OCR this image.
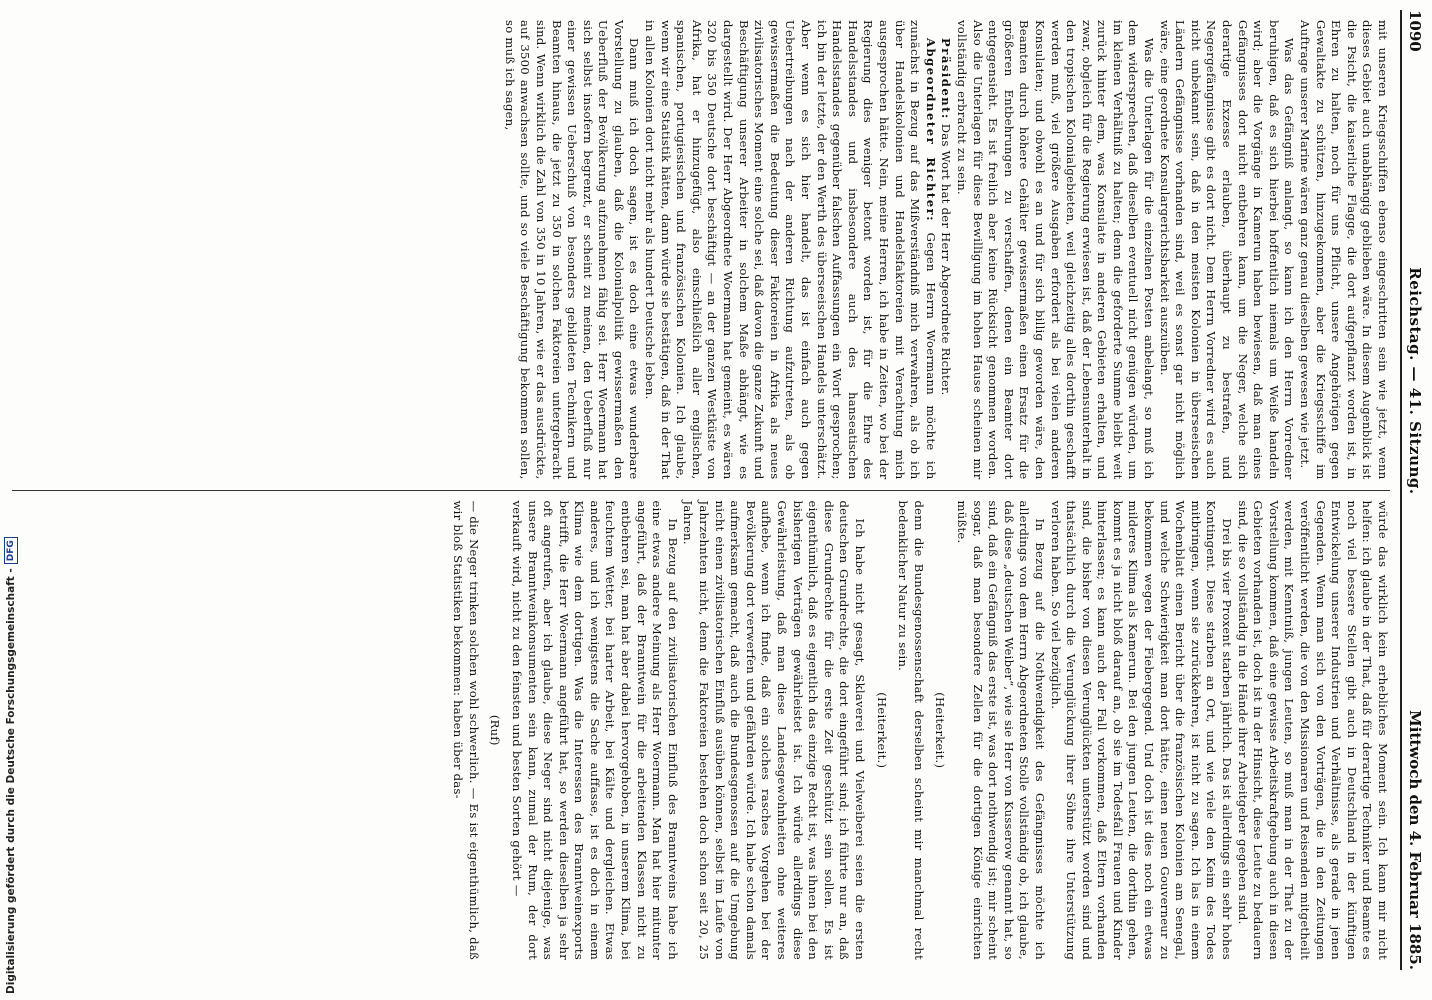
1090
Reichstag. — 41. Sitzung.
Mittwoch den 4. Februar 1885.

mit unseren Kriegsschiffen ebenso eingeschritten sein wie jetzt, wenn dieses Gebiet auch unabhängig geblieben wäre. In diesem Augenblick ist die Psicht, die kaiserliche Flagge, die dort aufgepflanzt worden ist, in Ehren zu halten, noch für uns Pflicht, unsere Angehörigen gegen Gewaltakte zu schützen, hinzugekommen, aber die Kriegsschiffe im Auftrage unserer Marine wären ganz genau dieselben gewesen wie jetzt.

Was das Gefängniß anlangt, so kann ich den Herrn Vorredner beruhigen, daß es sich hierbei hoffentlich niemals um Weiße handeln wird; aber die Vorgänge in Kamerun haben bewiesen, daß man eines Gefängnisses dort nicht entbehren kann, um die Neger, welche sich derartige Exzesse erlauben, überhaupt zu bestrafen, und Negergefängnisse gibt es dort nicht. Dem Herrn Vorredner wird es auch nicht unbekannt sein, daß in den meisten Kolonien in überseeischen Ländern Gefängnisse vorhanden sind, weil es sonst gar nicht möglich wäre, eine geordnete Konsulargerichtsbarkeit auszuüben.

Was die Unterlagen für die einzelnen Posten anbelangt, so muß ich dem widersprechen, daß dieselben eventuell nicht genügen würden, um im kleinen Verhältniß zu halten; denn die geforderte Summe bleibt weit zurück hinter dem, was Konsulate in anderen Gebieten erhalten, und zwar, obgleich für die Regierung erwiesen ist, daß der Lebensunterhalt in den tropischen Kolonialgebieten, weil gleichzeitig alles dorthin geschafft werden muß, viel größere Ausgaben erfordert als bei vielen anderen Konsulaten; und obwohl es an und für sich billig geworden wäre, den Beamten durch höhere Gehälter gewissermaßen einen Ersatz für die größeren Entbehrungen zu verschaffen, denen ein Beamter dort entgegensieht. Es ist freilich aber keine Rücksicht genommen worden. Also die Unterlagen für diese Bewilligung im hohen Hause scheinen mir vollständig erbracht zu sein.

Präsident: Das Wort hat der Herr Abgeordnete Richter.

Abgeordneter Richter: Gegen Herrn Woermann möchte ich zunächst in Bezug auf das Mißverständniß mich verwahren, als ob ich über Handelskolonien und Handelsfaktoreien mit Verachtung mich ausgesprochen hätte. Nein, meine Herren, ich habe in Zeiten, wo bei der Regierung dies weniger betont worden ist, für die Ehre des Handelsstandes und insbesondere auch des hanseatischen Handelsstandes gegenüber falschen Auffassungen ein Wort gesprochen; ich bin der letzte, der den Werth des überseeischen Handels unterschätzt. Aber wenn es sich hier handelt, das ist einfach auch gegen Uebertreibungen nach der anderen Richtung aufzutreten, als ob gewissermaßen die Bedeutung dieser Faktoreien in Afrika als neues zivilisatorisches Moment eine solche sei, daß davon die ganze Zukunft und Beschäftigung unserer Arbeiter in solchem Maße abhängt, wie es dargestellt wird. Der Herr Abgeordnete Woermann hat gemeint, es wären 320 bis 350 Deutsche dort beschäftigt — an der ganzen Westküste von Afrika, hat er hinzugefügt, also einschließlich aller englischen, spanischen, portugiesischen und französischen Kolonien. Ich glaube, wenn wir eine Statistik hätten, dann würde sie bestätigen, daß in der That in allen Kolonien dort nicht mehr als hundert Deutsche leben.

Dann muß ich doch sagen, ist es doch eine etwas wunderbare Vorstellung zu glauben, daß die Kolonialpolitik gewissermaßen den Ueberfluß der Bevölkerung aufzunehmen fähig sei. Herr Woermann hat sich selbst insofern begrenzt, er scheint zu meinen, den Ueberfluß nur einer gewissen Ueberschuß von besonders gebildeten Technikern und Beamten hinaus, die jetzt zu 350 in solchen Faktoreien untergebracht sind. Wenn wirklich die Zahl von 350 in 10 Jahren, wie er das ausdrückte, auf 3500 anwachsen sollte, und so viele Beschäftigung bekommen sollen, so muß ich sagen,

würde das wirklich kein erhebliches Moment sein. Ich kann mir nicht helfen: ich glaube in der That, daß für derartige Techniker und Beamte es noch viel bessere Stellen gibt auch in Deutschland in der künftigen Entwickelung unserer Industrien und Verhältnisse, als gerade in jenen Gegenden. Wenn man sich von den Vorträgen, die in den Zeitungen veröffentlicht werden, die von den Missionaren und Reisenden mitgetheilt werden, mit Kenntniß, jungen Leuten, so muß man in der That zu der Vorstellung kommen, daß eine gewisse Arbeitskraftgebung auch in diesen Gebieten vorhanden ist, doch ist in der Hinsicht, diese Leute zu bedauern sind, die so vollständig in die Hände ihrer Arbeitgeber gegeben sind.

Drei bis vier Proxent starben jährlich. Das ist allerdings ein sehr hohes Kontingent. Diese starben an Ort, und wie viele den Keim des Todes mitbringen, wenn sie zurückkehren, ist nicht zu sagen. Ich las in einem Wochenblatt einen Bericht über die französischen Kolonien am Senegal, und welche Schwierigkeit man dort hätte, einen neuen Gouverneur zu bekommen wegen der Fiebergegend. Und doch ist dies noch ein etwas milderes Klima als Kamerun. Bei den jungen Leuten, die dorthin gehen, kommt es ja nicht bloß darauf an, ob sie im Todesfall Frauen und Kinder hinterlassen; es kann auch der Fall vorkommen, daß Eltern vorhanden sind, die bisher von diesen Verunglückten unterstützt worden sind und thatsächlich durch die Verunglückung ihrer Söhne ihre Unterstützung verloren haben. So viel bezüglich.

In Bezug auf die Nothwendigkeit des Gefängnisses möchte ich allerdings von dem Herrn Abgeordneten Stolle vollständig ob, ich glaube, daß diese „deutschen Weiber“, wie sie Herr von Kusserow genannt hat, so sind, daß ein Gefängniß das erste ist, was dort nothwendig ist; mir scheint sogar, daß man besondere Zellen für die dortigen Könige einrichten müßte.

(Heiterkeit.)

denn die Bundesgenossenschaft derselben scheint mir manchmal recht bedenklicher Natur zu sein.

(Heiterkeit.)

Ich habe nicht gesagt, Sklaverei und Vielweiberei seien die ersten deutschen Grundrechte, die dort eingeführt sind; ich führte nur an, daß diese Grundrechte für die erste Zeit geschützt sein sollen. Es ist eigenthümlich, daß es eigentlich das einzige Recht ist, was ihnen bei den bisherigen Verträgen gewährleistet ist. Ich würde allerdings diese Gewährleistung, daß man diese Landesgewohnheiten ohne weiteres aufhebe, wenn ich finde, daß ein solches rasches Vorgehen bei der Bevölkerung dort verwerfen und gefährden würde. Ich habe schon damals aufmerksam gemacht, daß auch die Bundesgenossen auf die Umgebung nicht einen zivilisatorischen Einfluß ausüben können, selbst im Laufe von Jahrzehnten nicht, denn die Faktoreien bestehen doch schon seit 20, 25 Jahren.

In Bezug auf den zivilisatorischen Einfluß des Branntweins habe ich eine etwas andere Meinung als Herr Woermann. Man hat hier mitunter angeführt, daß der Branntwein für die arbeitenden Klassen nicht zu entbehren sei, man hat aber dabei hervorgehoben, in unserem Klima, bei feuchtem Wetter, bei harter Arbeit, bei Kälte und dergleichen. Etwas anderes, und ich wenigstens die Sache auffasse, ist es doch in einem Klima wie dem dortigen. Was die Interessen des Branntweinexports betrifft, die Herr Woermann angeführt hat, so werden dieselben ja sehr oft angerufen, aber ich glaube, diese Neger sind nicht diejenige, was unsere Branntweinkonsumenten sein kann, zumal der Rum, der dort verkauft wird, nicht zu den feinsten und besten Sorten gehört —

(Ruf)

— die Neger trinken solchen wohl schwerlich. — Es ist eigenthümlich, daß wir bloß Statistiken bekommen: haben über das-

Digitalisierung gefördert durch die Deutsche Forschungsgemeinschaft -
DFG
